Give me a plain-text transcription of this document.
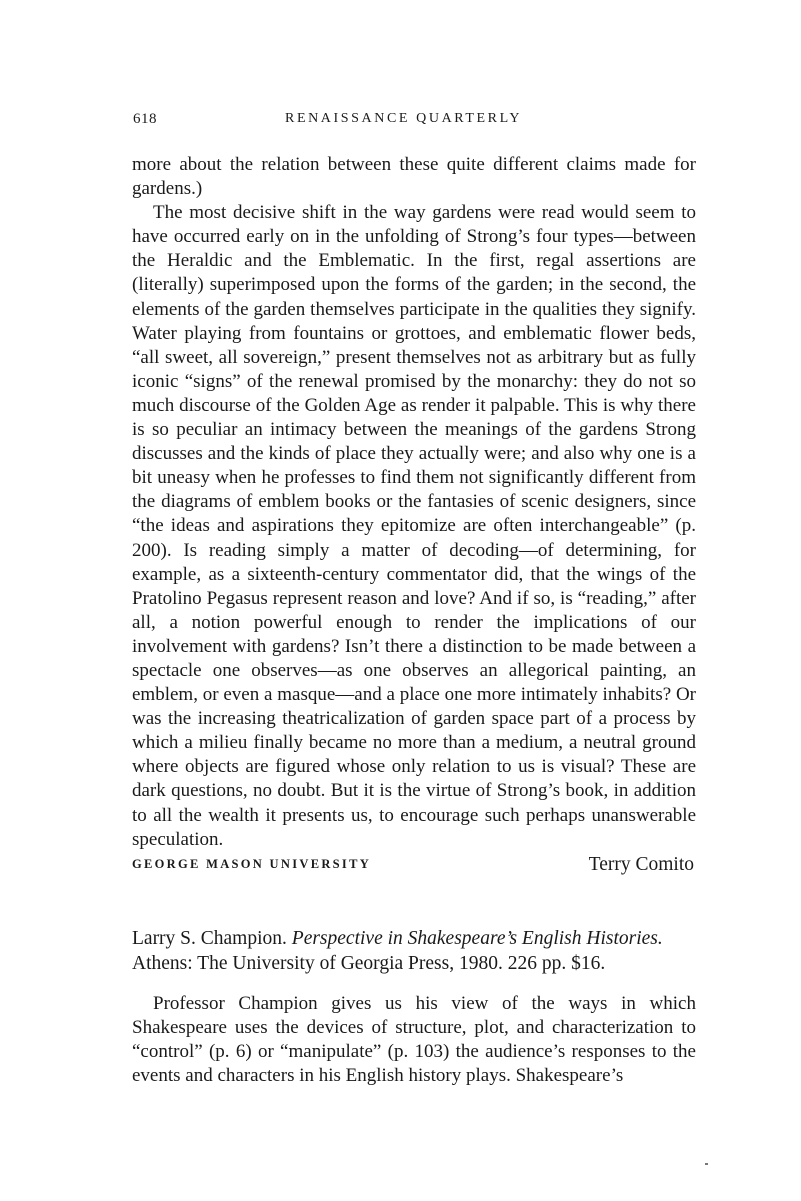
618	RENAISSANCE QUARTERLY

more about the relation between these quite different claims made for gardens.)

The most decisive shift in the way gardens were read would seem to have occurred early on in the unfolding of Strong’s four types—between the Heraldic and the Emblematic. In the first, regal assertions are (literally) superimposed upon the forms of the garden; in the second, the elements of the garden themselves participate in the qualities they signify. Water playing from fountains or grottoes, and emblematic flower beds, “all sweet, all sovereign,” present themselves not as arbitrary but as fully iconic “signs” of the renewal promised by the monarchy: they do not so much discourse of the Golden Age as render it palpable. This is why there is so peculiar an intimacy between the meanings of the gardens Strong discusses and the kinds of place they actually were; and also why one is a bit uneasy when he professes to find them not significantly different from the diagrams of emblem books or the fantasies of scenic designers, since “the ideas and aspirations they epitomize are often interchangeable” (p. 200). Is reading simply a matter of decoding—of determining, for example, as a sixteenth-century commentator did, that the wings of the Pratolino Pegasus represent reason and love? And if so, is “reading,” after all, a notion powerful enough to render the implications of our involvement with gardens? Isn’t there a distinction to be made between a spectacle one observes—as one observes an allegorical painting, an emblem, or even a masque—and a place one more intimately inhabits? Or was the increasing theatricalization of garden space part of a process by which a milieu finally became no more than a medium, a neutral ground where objects are figured whose only relation to us is visual? These are dark questions, no doubt. But it is the virtue of Strong’s book, in addition to all the wealth it presents us, to encourage such perhaps unanswerable speculation.

GEORGE MASON UNIVERSITY	Terry Comito

Larry S. Champion. Perspective in Shakespeare’s English Histories.
Athens: The University of Georgia Press, 1980. 226 pp. $16.

Professor Champion gives us his view of the ways in which Shakespeare uses the devices of structure, plot, and characterization to “control” (p. 6) or “manipulate” (p. 103) the audience’s responses to the events and characters in his English history plays. Shakespeare’s
